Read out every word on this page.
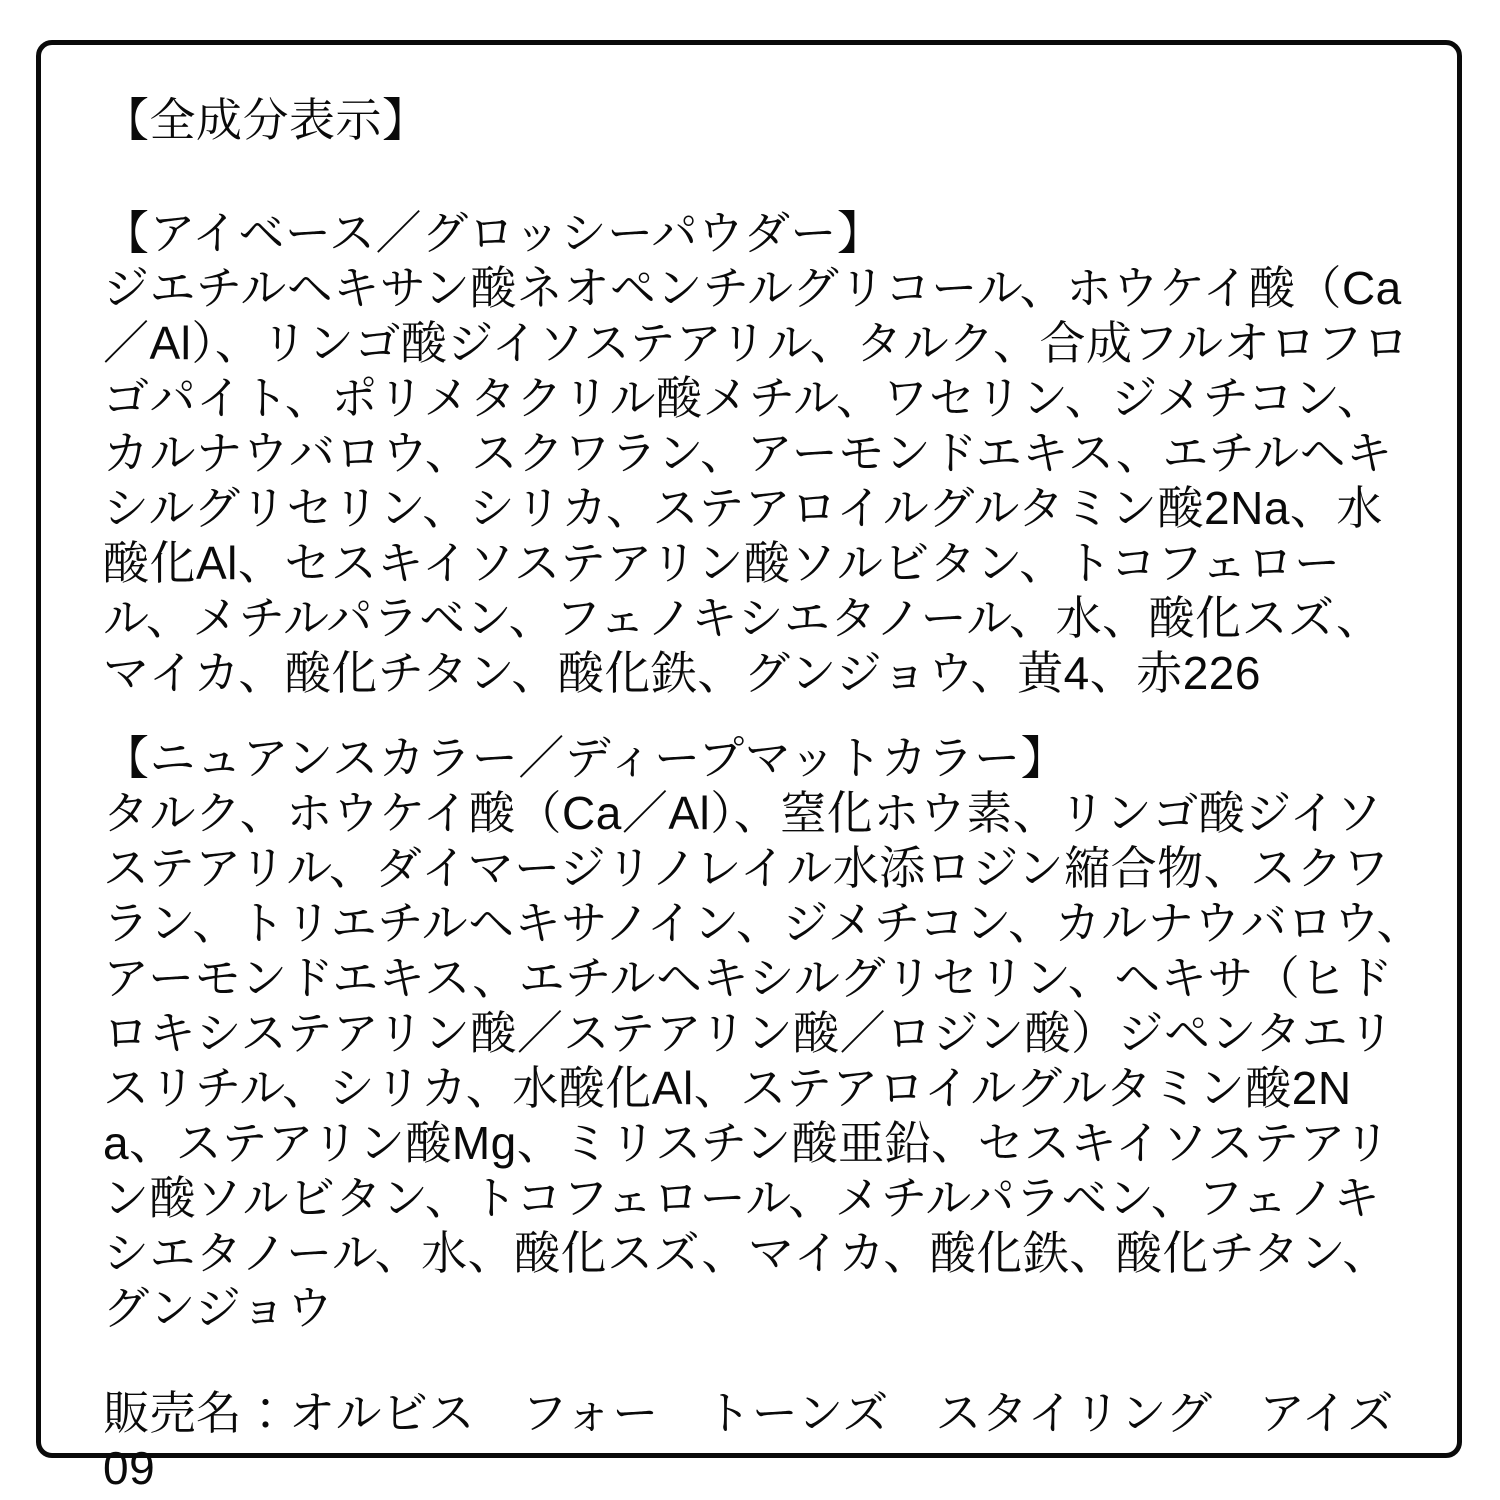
【全成分表示】
【アイベース／グロッシーパウダー】

ジエチルヘキサン酸ネオペンチルグリコール、ホウケイ酸（Ca／Al）、リンゴ酸ジイソステアリル、タルク、合成フルオロフロゴパイト、ポリメタクリル酸メチル、ワセリン、ジメチコン、カルナウバロウ、スクワラン、アーモンドエキス、エチルヘキシルグリセリン、シリカ、ステアロイルグルタミン酸2Na、水酸化Al、セスキイソステアリン酸ソルビタン、トコフェロール、メチルパラベン、フェノキシエタノール、水、酸化スズ、マイカ、酸化チタン、酸化鉄、グンジョウ、黄4、赤226

【ニュアンスカラー／ディープマットカラー】

タルク、ホウケイ酸（Ca／Al）、窒化ホウ素、リンゴ酸ジイソステアリル、ダイマージリノレイル水添ロジン縮合物、スクワラン、トリエチルヘキサノイン、ジメチコン、カルナウバロウ、アーモンドエキス、エチルヘキシルグリセリン、ヘキサ（ヒドロキシステアリン酸／ステアリン酸／ロジン酸）ジペンタエリスリチル、シリカ、水酸化Al、ステアロイルグルタミン酸2Na、ステアリン酸Mg、ミリスチン酸亜鉛、セスキイソステアリン酸ソルビタン、トコフェロール、メチルパラベン、フェノキシエタノール、水、酸化スズ、マイカ、酸化鉄、酸化チタン、グンジョウ

販売名：オルビス　フォー　トーンズ　スタイリング　アイズ

09
